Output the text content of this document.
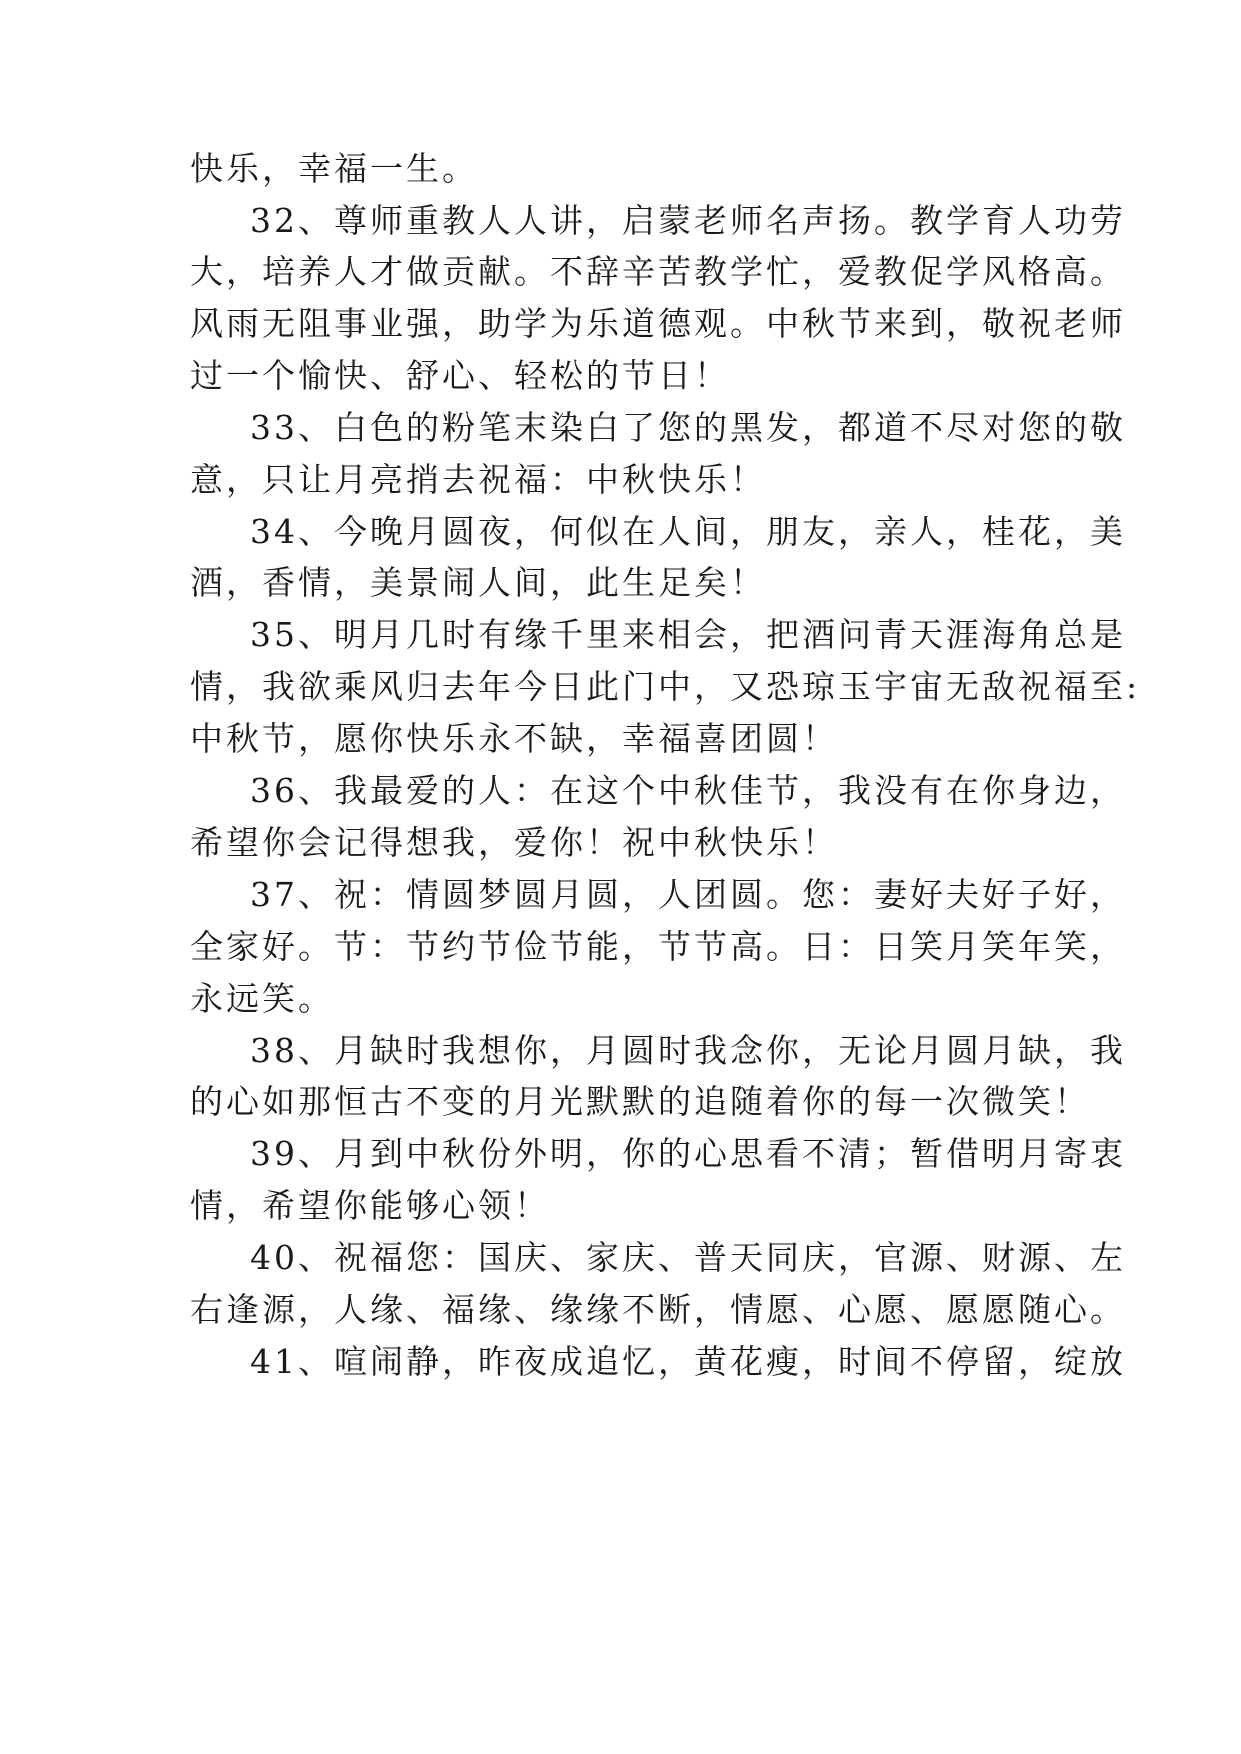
快乐，幸福一生。

32、尊师重教人人讲，启蒙老师名声扬。教学育人功劳

大，培养人才做贡献。不辞辛苦教学忙，爱教促学风格高。

风雨无阻事业强，助学为乐道德观。中秋节来到，敬祝老师

过一个愉快、舒心、轻松的节日！

33、白色的粉笔末染白了您的黑发，都道不尽对您的敬

意，只让月亮捎去祝福：中秋快乐！

34、今晚月圆夜，何似在人间，朋友，亲人，桂花，美

酒，香情，美景闹人间，此生足矣！

35、明月几时有缘千里来相会，把酒问青天涯海角总是

情，我欲乘风归去年今日此门中，又恐琼玉宇宙无敌祝福至:

中秋节，愿你快乐永不缺，幸福喜团圆！

36、我最爱的人：在这个中秋佳节，我没有在你身边，

希望你会记得想我，爱你！祝中秋快乐！

37、祝：情圆梦圆月圆，人团圆。您：妻好夫好子好，

全家好。节：节约节俭节能，节节高。日：日笑月笑年笑，

永远笑。

38、月缺时我想你，月圆时我念你，无论月圆月缺，我

的心如那恒古不变的月光默默的追随着你的每一次微笑！

39、月到中秋份外明，你的心思看不清；暂借明月寄衷

情，希望你能够心领！

40、祝福您：国庆、家庆、普天同庆，官源、财源、左

右逢源，人缘、福缘、缘缘不断，情愿、心愿、愿愿随心。

41、喧闹静，昨夜成追忆，黄花瘦，时间不停留，绽放
